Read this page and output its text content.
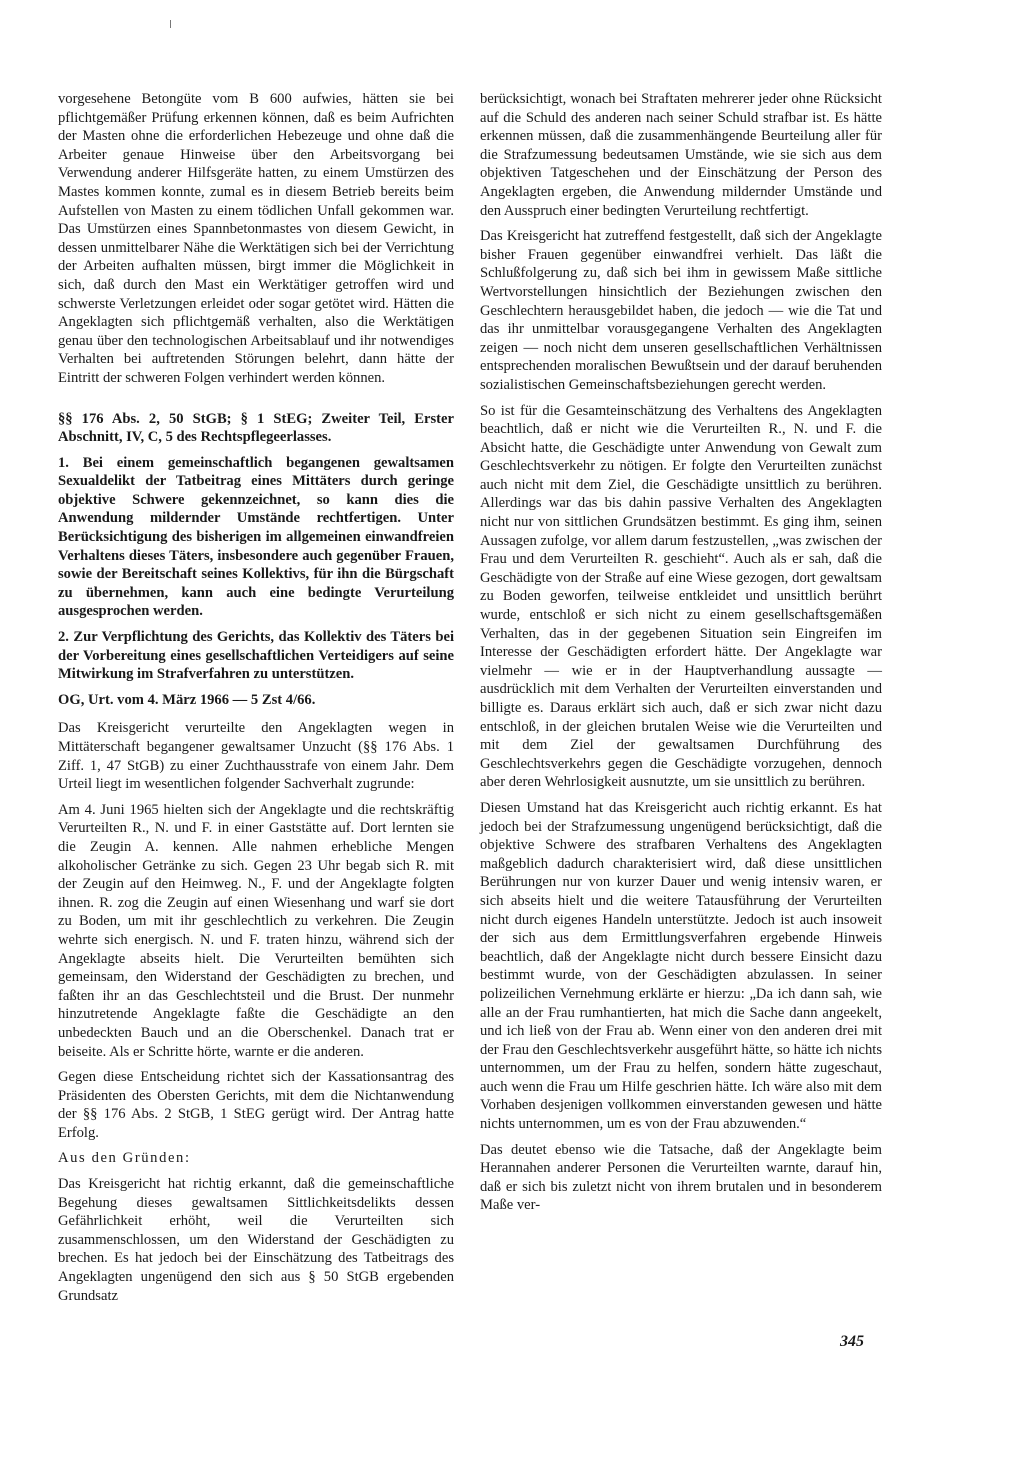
vorgesehene Betongüte vom B 600 aufwies, hätten sie bei pflichtgemäßer Prüfung erkennen können, daß es beim Aufrichten der Masten ohne die erforderlichen Hebezeuge und ohne daß die Arbeiter genaue Hinweise über den Arbeitsvorgang bei Verwendung anderer Hilfsgeräte hatten, zu einem Umstürzen des Mastes kommen konnte, zumal es in diesem Betrieb bereits beim Aufstellen von Masten zu einem tödlichen Unfall gekommen war. Das Umstürzen eines Spannbetonmastes von diesem Gewicht, in dessen unmittelbarer Nähe die Werktätigen sich bei der Verrichtung der Arbeiten aufhalten müssen, birgt immer die Möglichkeit in sich, daß durch den Mast ein Werktätiger getroffen wird und schwerste Verletzungen erleidet oder sogar getötet wird. Hätten die Angeklagten sich pflichtgemäß verhalten, also die Werktätigen genau über den technologischen Arbeitsablauf und ihr notwendiges Verhalten bei auftretenden Störungen belehrt, dann hätte der Eintritt der schweren Folgen verhindert werden können.

§§ 176 Abs. 2, 50 StGB; § 1 StEG; Zweiter Teil, Erster Abschnitt, IV, C, 5 des Rechtspflegeerlasses.

1. Bei einem gemeinschaftlich begangenen gewaltsamen Sexualdelikt der Tatbeitrag eines Mittäters durch geringe objektive Schwere gekennzeichnet, so kann dies die Anwendung mildernder Umstände rechtfertigen. Unter Berücksichtigung des bisherigen im allgemeinen einwandfreien Verhaltens dieses Täters, insbesondere auch gegenüber Frauen, sowie der Bereitschaft seines Kollektivs, für ihn die Bürgschaft zu übernehmen, kann auch eine bedingte Verurteilung ausgesprochen werden.

2. Zur Verpflichtung des Gerichts, das Kollektiv des Täters bei der Vorbereitung eines gesellschaftlichen Verteidigers auf seine Mitwirkung im Strafverfahren zu unterstützen.

OG, Urt. vom 4. März 1966 — 5 Zst 4/66.

Das Kreisgericht verurteilte den Angeklagten wegen in Mittäterschaft begangener gewaltsamer Unzucht (§§ 176 Abs. 1 Ziff. 1, 47 StGB) zu einer Zuchthausstrafe von einem Jahr. Dem Urteil liegt im wesentlichen folgender Sachverhalt zugrunde:

Am 4. Juni 1965 hielten sich der Angeklagte und die rechtskräftig Verurteilten R., N. und F. in einer Gaststätte auf. Dort lernten sie die Zeugin A. kennen. Alle nahmen erhebliche Mengen alkoholischer Getränke zu sich. Gegen 23 Uhr begab sich R. mit der Zeugin auf den Heimweg. N., F. und der Angeklagte folgten ihnen. R. zog die Zeugin auf einen Wiesenhang und warf sie dort zu Boden, um mit ihr geschlechtlich zu verkehren. Die Zeugin wehrte sich energisch. N. und F. traten hinzu, während sich der Angeklagte abseits hielt. Die Verurteilten bemühten sich gemeinsam, den Widerstand der Geschädigten zu brechen, und faßten ihr an das Geschlechtsteil und die Brust. Der nunmehr hinzutretende Angeklagte faßte die Geschädigte an den unbedeckten Bauch und an die Oberschenkel. Danach trat er beiseite. Als er Schritte hörte, warnte er die anderen.

Gegen diese Entscheidung richtet sich der Kassationsantrag des Präsidenten des Obersten Gerichts, mit dem die Nichtanwendung der §§ 176 Abs. 2 StGB, 1 StEG gerügt wird. Der Antrag hatte Erfolg.

Aus den Gründen:

Das Kreisgericht hat richtig erkannt, daß die gemeinschaftliche Begehung dieses gewaltsamen Sittlichkeitsdelikts dessen Gefährlichkeit erhöht, weil die Verurteilten sich zusammenschlossen, um den Widerstand der Geschädigten zu brechen. Es hat jedoch bei der Einschätzung des Tatbeitrags des Angeklagten ungenügend den sich aus § 50 StGB ergebenden Grundsatz

berücksichtigt, wonach bei Straftaten mehrerer jeder ohne Rücksicht auf die Schuld des anderen nach seiner Schuld strafbar ist. Es hätte erkennen müssen, daß die zusammenhängende Beurteilung aller für die Strafzumessung bedeutsamen Umstände, wie sie sich aus dem objektiven Tatgeschehen und der Einschätzung der Person des Angeklagten ergeben, die Anwendung mildernder Umstände und den Ausspruch einer bedingten Verurteilung rechtfertigt.

Das Kreisgericht hat zutreffend festgestellt, daß sich der Angeklagte bisher Frauen gegenüber einwandfrei verhielt. Das läßt die Schlußfolgerung zu, daß sich bei ihm in gewissem Maße sittliche Wertvorstellungen hinsichtlich der Beziehungen zwischen den Geschlechtern herausgebildet haben, die jedoch — wie die Tat und das ihr unmittelbar vorausgegangene Verhalten des Angeklagten zeigen — noch nicht dem unseren gesellschaftlichen Verhältnissen entsprechenden moralischen Bewußtsein und der darauf beruhenden sozialistischen Gemeinschaftsbeziehungen gerecht werden.

So ist für die Gesamteinschätzung des Verhaltens des Angeklagten beachtlich, daß er nicht wie die Verurteilten R., N. und F. die Absicht hatte, die Geschädigte unter Anwendung von Gewalt zum Geschlechtsverkehr zu nötigen. Er folgte den Verurteilten zunächst auch nicht mit dem Ziel, die Geschädigte unsittlich zu berühren. Allerdings war das bis dahin passive Verhalten des Angeklagten nicht nur von sittlichen Grundsätzen bestimmt. Es ging ihm, seinen Aussagen zufolge, vor allem darum festzustellen, „was zwischen der Frau und dem Verurteilten R. geschieht“. Auch als er sah, daß die Geschädigte von der Straße auf eine Wiese gezogen, dort gewaltsam zu Boden geworfen, teilweise entkleidet und unsittlich berührt wurde, entschloß er sich nicht zu einem gesellschaftsgemäßen Verhalten, das in der gegebenen Situation sein Eingreifen im Interesse der Geschädigten erfordert hätte. Der Angeklagte war vielmehr — wie er in der Hauptverhandlung aussagte — ausdrücklich mit dem Verhalten der Verurteilten einverstanden und billigte es. Daraus erklärt sich auch, daß er sich zwar nicht dazu entschloß, in der gleichen brutalen Weise wie die Verurteilten und mit dem Ziel der gewaltsamen Durchführung des Geschlechtsverkehrs gegen die Geschädigte vorzugehen, dennoch aber deren Wehrlosigkeit ausnutzte, um sie unsittlich zu berühren.

Diesen Umstand hat das Kreisgericht auch richtig erkannt. Es hat jedoch bei der Strafzumessung ungenügend berücksichtigt, daß die objektive Schwere des strafbaren Verhaltens des Angeklagten maßgeblich dadurch charakterisiert wird, daß diese unsittlichen Berührungen nur von kurzer Dauer und wenig intensiv waren, er sich abseits hielt und die weitere Tatausführung der Verurteilten nicht durch eigenes Handeln unterstützte. Jedoch ist auch insoweit der sich aus dem Ermittlungsverfahren ergebende Hinweis beachtlich, daß der Angeklagte nicht durch bessere Einsicht dazu bestimmt wurde, von der Geschädigten abzulassen. In seiner polizeilichen Vernehmung erklärte er hierzu: „Da ich dann sah, wie alle an der Frau rumhantierten, hat mich die Sache dann angeekelt, und ich ließ von der Frau ab. Wenn einer von den anderen drei mit der Frau den Geschlechtsverkehr ausgeführt hätte, so hätte ich nichts unternommen, um der Frau zu helfen, sondern hätte zugeschaut, auch wenn die Frau um Hilfe geschrien hätte. Ich wäre also mit dem Vorhaben desjenigen vollkommen einverstanden gewesen und hätte nichts unternommen, um es von der Frau abzuwenden.“

Das deutet ebenso wie die Tatsache, daß der Angeklagte beim Herannahen anderer Personen die Verurteilten warnte, darauf hin, daß er sich bis zuletzt nicht von ihrem brutalen und in besonderem Maße ver-

345
